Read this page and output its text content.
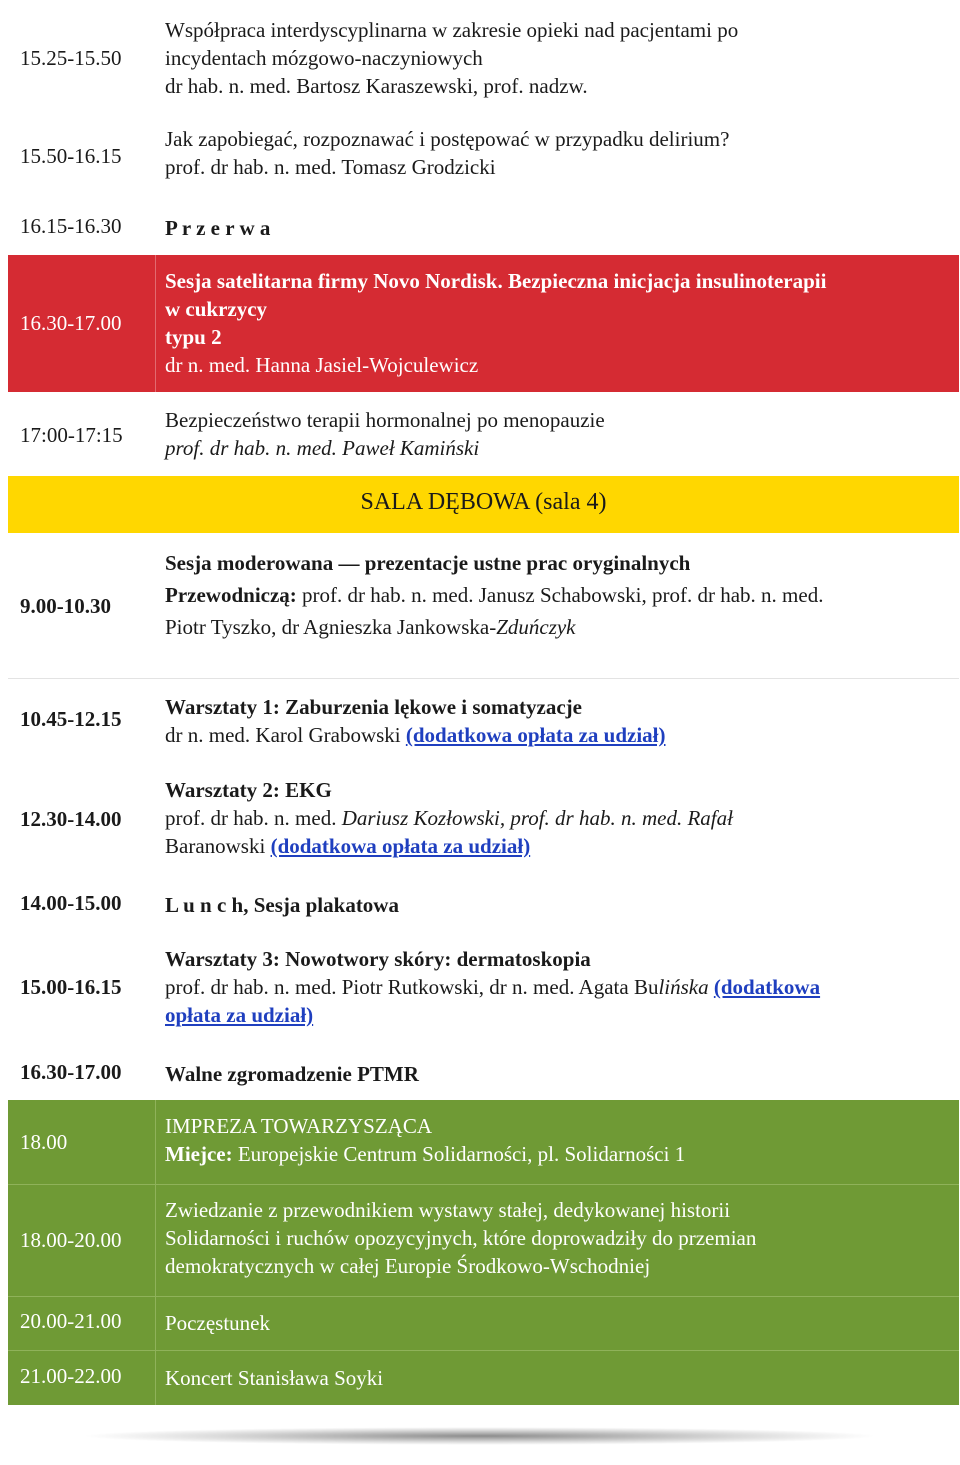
15.25-15.50
Współpraca interdyscyplinarna w zakresie opieki nad pacjentami po
incydentach mózgowo-naczyniowych
dr hab. n. med. Bartosz Karaszewski, prof. nadzw.
15.50-16.15
Jak zapobiegać, rozpoznawać i postępować w przypadku delirium?
prof. dr hab. n. med. Tomasz Grodzicki
16.15-16.30 P r z e r w a
16.30-17.00
Sesja satelitarna firmy Novo Nordisk. Bezpieczna inicjacja insulinoterapii
w cukrzycy
typu 2
dr n. med. Hanna Jasiel-Wojculewicz
17:00-17:15
Bezpieczeństwo terapii hormonalnej po menopauzie
prof. dr hab. n. med. Paweł Kamiński
SALA DĘBOWA (sala 4)
9.00-10.30
Sesja moderowana — prezentacje ustne prac oryginalnych
Przewodniczą: prof. dr hab. n. med. Janusz Schabowski, prof. dr hab. n. med.
Piotr Tyszko, dr Agnieszka Jankowska-Zduńczyk
10.45-12.15 Warsztaty 1: Zaburzenia lękowe i somatyzacje
dr n. med. Karol Grabowski (dodatkowa opłata za udział)
12.30-14.00
Warsztaty 2: EKG
prof. dr hab. n. med. Dariusz Kozłowski, prof. dr hab. n. med. Rafał
Baranowski (dodatkowa opłata za udział)
14.00-15.00 L u n c h, Sesja plakatowa
15.00-16.15
Warsztaty 3: Nowotwory skóry: dermatoskopia
prof. dr hab. n. med. Piotr Rutkowski, dr n. med. Agata Bulińska (dodatkowa
opłata za udział)
16.30-17.00 Walne zgromadzenie PTMR
18.00
IMPREZA TOWARZYSZĄCA
Miejce: Europejskie Centrum Solidarności, pl. Solidarności 1
18.00-20.00
Zwiedzanie z przewodnikiem wystawy stałej, dedykowanej historii
Solidarności i ruchów opozycyjnych, które doprowadziły do przemian
demokratycznych w całej Europie Środkowo-Wschodniej
20.00-21.00 Poczęstunek
21.00-22.00 Koncert Stanisława Soyki
